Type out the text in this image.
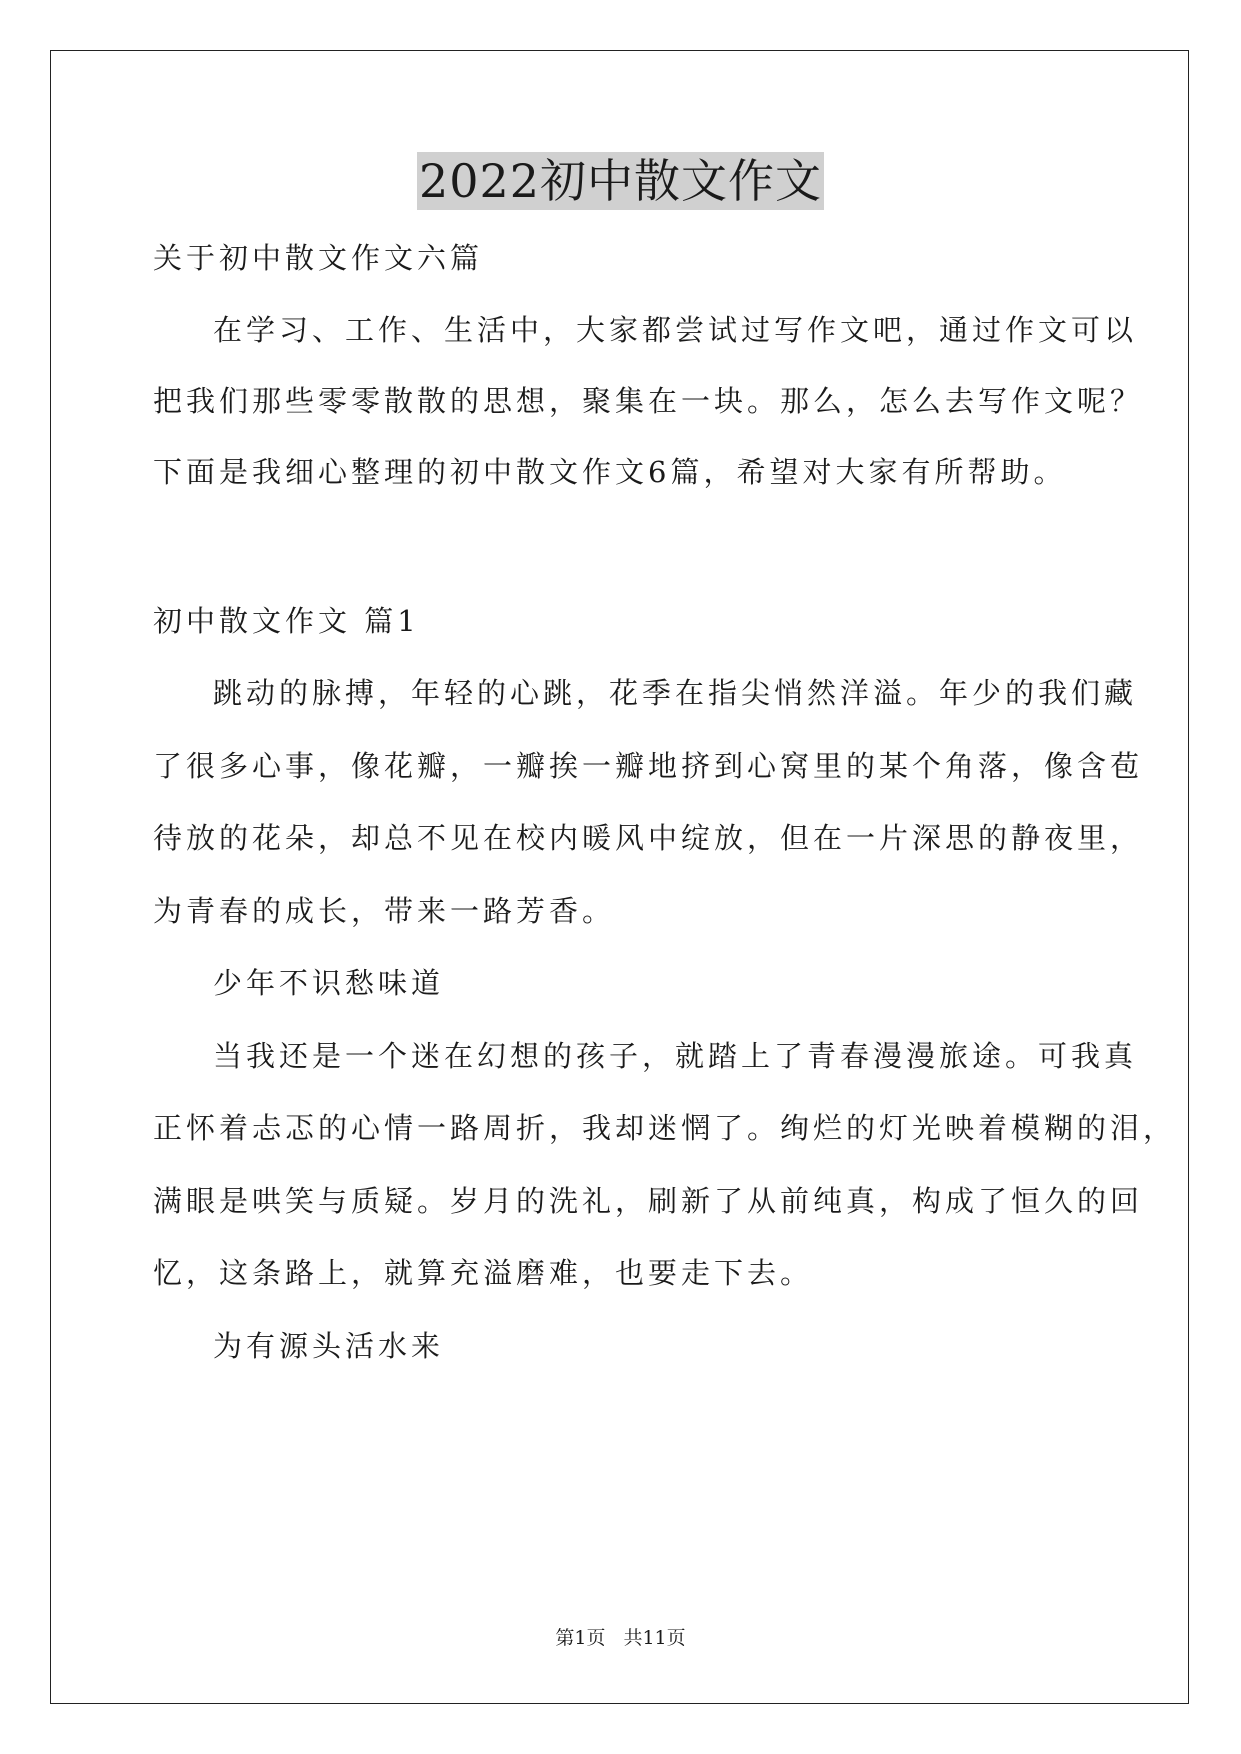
2022初中散文作文
关于初中散文作文六篇
在学习、工作、生活中，大家都尝试过写作文吧，通过作文可以
把我们那些零零散散的思想，聚集在一块。那么，怎么去写作文呢？
下面是我细心整理的初中散文作文6篇，希望对大家有所帮助。
初中散文作文 篇1
跳动的脉搏，年轻的心跳，花季在指尖悄然洋溢。年少的我们藏
了很多心事，像花瓣，一瓣挨一瓣地挤到心窝里的某个角落，像含苞
待放的花朵，却总不见在校内暖风中绽放，但在一片深思的静夜里，
为青春的成长，带来一路芳香。
少年不识愁味道
当我还是一个迷在幻想的孩子，就踏上了青春漫漫旅途。可我真
正怀着忐忑的心情一路周折，我却迷惘了。绚烂的灯光映着模糊的泪，
满眼是哄笑与质疑。岁月的洗礼，刷新了从前纯真，构成了恒久的回
忆，这条路上，就算充溢磨难，也要走下去。
为有源头活水来
第1页 共11页
